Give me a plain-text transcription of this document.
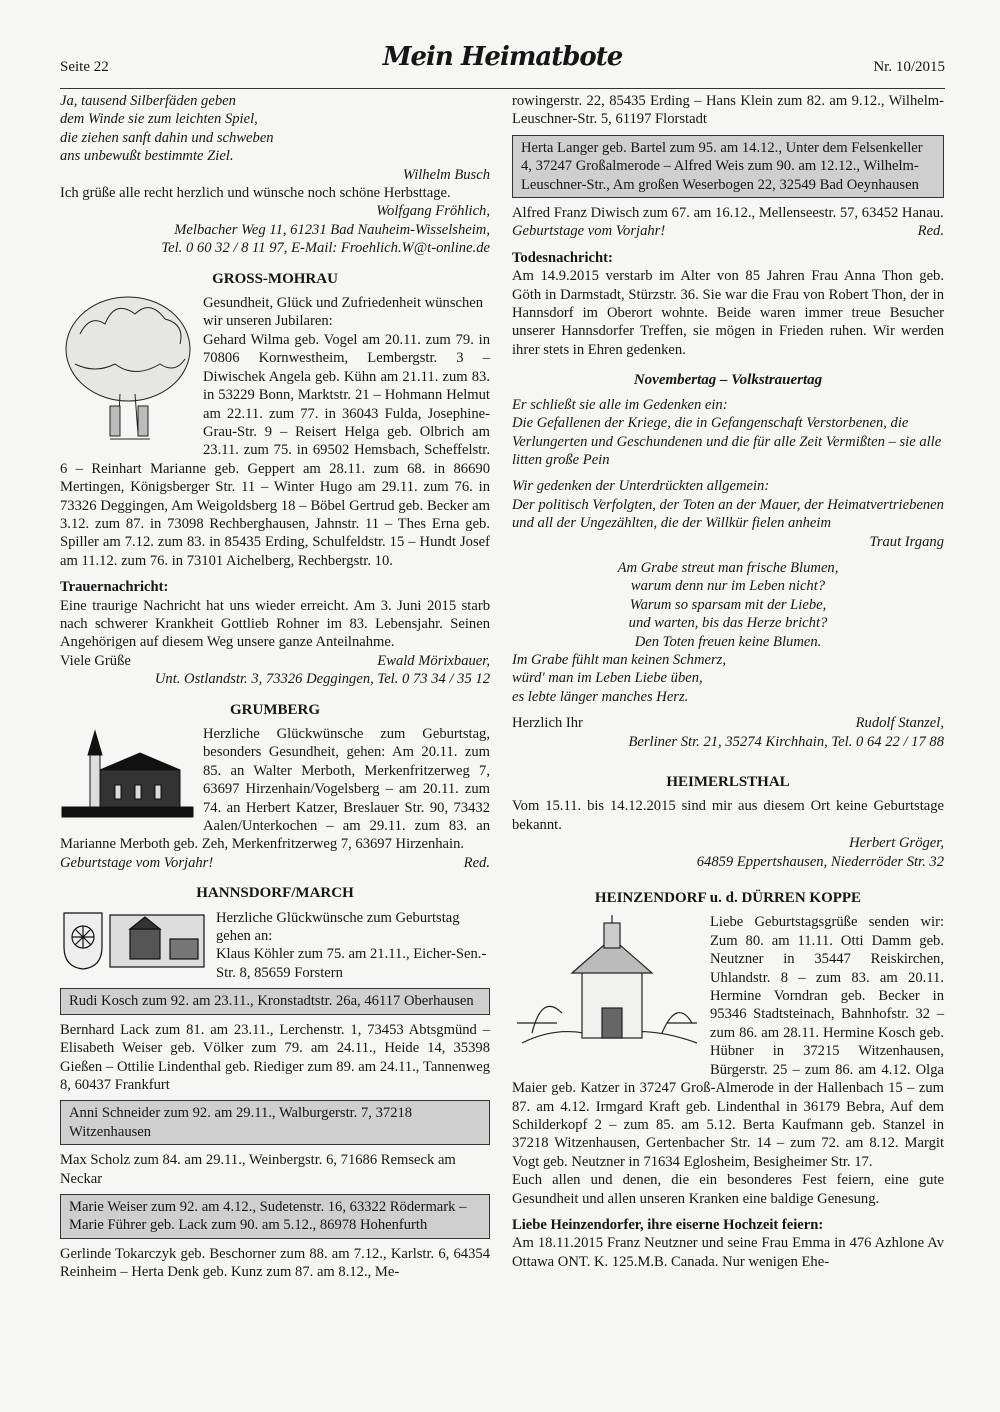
Seite 22	Mein Heimatbote	Nr. 10/2015

Ja, tausend Silberfäden geben

dem Winde sie zum leichten Spiel,

die ziehen sanft dahin und schweben

ans unbewußt bestimmte Ziel.

Wilhelm Busch

Ich grüße alle recht herzlich und wünsche noch schöne Herbsttage.

Wolfgang Fröhlich,

Melbacher Weg 11, 61231 Bad Nauheim-Wisselsheim,

Tel. 0 60 32 / 8 11 97, E-Mail: Froehlich.W@t-online.de

GROSS-MOHRAU

Gesundheit, Glück und Zufriedenheit wünschen wir unseren Jubilaren:

Gehard Wilma geb. Vogel am 20.11. zum 79. in 70806 Kornwestheim, Lembergstr. 3 – Diwischek Angela geb. Kühn am 21.11. zum 83. in 53229 Bonn, Marktstr. 21 – Hohmann Helmut am 22.11. zum 77. in 36043 Fulda, Josephine-Grau-Str. 9 – Reisert Helga geb. Olbrich am 23.11. zum 75. in 69502 Hemsbach, Scheffelstr. 6 – Reinhart Marianne geb. Geppert am 28.11. zum 68. in 86690 Mertingen, Königsberger Str. 11 – Winter Hugo am 29.11. zum 76. in 73326 Deggingen, Am Weigoldsberg 18 – Böbel Gertrud geb. Becker am 3.12. zum 87. in 73098 Rechberghausen, Jahnstr. 11 – Thes Erna geb. Spiller am 7.12. zum 83. in 85435 Erding, Schulfeldstr. 15 – Hundt Josef am 11.12. zum 76. in 73101 Aichelberg, Rechbergstr. 10.

Trauernachricht:

Eine traurige Nachricht hat uns wieder erreicht. Am 3. Juni 2015 starb nach schwerer Krankheit Gottlieb Rohner im 83. Lebensjahr. Seinen Angehörigen auf diesem Weg unsere ganze Anteilnahme.

Viele Grüße	Ewald Mörixbauer,

Unt. Ostlandstr. 3, 73326 Deggingen, Tel. 0 73 34 / 35 12

GRUMBERG

Herzliche Glückwünsche zum Geburtstag, besonders Gesundheit, gehen: Am 20.11. zum 85. an Walter Merboth, Merkenfritzerweg 7, 63697 Hirzenhain/Vogelsberg – am 20.11. zum 74. an Herbert Katzer, Breslauer Str. 90, 73432 Aalen/Unterkochen – am 29.11. zum 83. an Marianne Merboth geb. Zeh, Merkenfritzerweg 7, 63697 Hirzenhain.

Geburtstage vom Vorjahr!	Red.
HANNSDORF/MARCH

Herzliche Glückwünsche zum Geburtstag gehen an:

Klaus Köhler zum 75. am 21.11., Eicher-Sen.-Str. 8, 85659 Forstern

Rudi Kosch zum 92. am 23.11., Kronstadtstr. 26a, 46117 Oberhausen

Bernhard Lack zum 81. am 23.11., Lerchenstr. 1, 73453 Abtsgmünd – Elisabeth Weiser geb. Völker zum 79. am 24.11., Heide 14, 35398 Gießen – Ottilie Lindenthal geb. Riediger zum 89. am 24.11., Tannenweg 8, 60437 Frankfurt

Anni Schneider zum 92. am 29.11., Walburgerstr. 7, 37218 Witzenhausen

Max Scholz zum 84. am 29.11., Weinbergstr. 6, 71686 Remseck am Neckar

Marie Weiser zum 92. am 4.12., Sudetenstr. 16, 63322 Rödermark – Marie Führer geb. Lack zum 90. am 5.12., 86978 Hohenfurth

Gerlinde Tokarczyk geb. Beschorner zum 88. am 7.12., Karlstr. 6, 64354 Reinheim – Herta Denk geb. Kunz zum 87. am 8.12., Me-

rowingerstr. 22, 85435 Erding – Hans Klein zum 82. am 9.12., Wilhelm-Leuschner-Str. 5, 61197 Florstadt

Herta Langer geb. Bartel zum 95. am 14.12., Unter dem Felsenkeller 4, 37247 Großalmerode – Alfred Weis zum 90. am 12.12., Wilhelm-Leuschner-Str., Am großen Weserbogen 22, 32549 Bad Oeynhausen

Alfred Franz Diwisch zum 67. am 16.12., Mellenseestr. 57, 63452 Hanau.

Geburtstage vom Vorjahr!	Red.

Todesnachricht:

Am 14.9.2015 verstarb im Alter von 85 Jahren Frau Anna Thon geb. Göth in Darmstadt, Stürzstr. 36. Sie war die Frau von Robert Thon, der in Hannsdorf im Oberort wohnte. Beide waren immer treue Besucher unserer Hannsdorfer Treffen, sie mögen in Frieden ruhen. Wir werden ihrer stets in Ehren gedenken.

Novembertag – Volkstrauertag

Er schließt sie alle im Gedenken ein:

Die Gefallenen der Kriege, die in Gefangenschaft Verstorbenen, die Verlungerten und Geschundenen und die für alle Zeit Vermißten – sie alle litten große Pein

Wir gedenken der Unterdrückten allgemein:

Der politisch Verfolgten, der Toten an der Mauer, der Heimatvertriebenen

und all der Ungezählten, die der Willkür fielen anheim

Traut Irgang

Am Grabe streut man frische Blumen,

warum denn nur im Leben nicht?

Warum so sparsam mit der Liebe,

und warten, bis das Herze bricht?

Den Toten freuen keine Blumen.

Im Grabe fühlt man keinen Schmerz,

würd' man im Leben Liebe üben,

es lebte länger manches Herz.

Herzlich Ihr	Rudolf Stanzel,

Berliner Str. 21, 35274 Kirchhain, Tel. 0 64 22 / 17 88

HEIMERLSTHAL

Vom 15.11. bis 14.12.2015 sind mir aus diesem Ort keine Geburtstage bekannt.

Herbert Gröger,

64859 Eppertshausen, Niederröder Str. 32

HEINZENDORF u. d. DÜRREN KOPPE

Liebe Geburtstagsgrüße senden wir: Zum 80. am 11.11. Otti Damm geb. Neutzner in 35447 Reiskirchen, Uhlandstr. 8 – zum 83. am 20.11. Hermine Vorndran geb. Becker in 95346 Stadtsteinach, Bahnhofstr. 32 – zum 86. am 28.11. Hermine Kosch geb. Hübner in 37215 Witzenhausen, Bürgerstr. 25 – zum 86. am 4.12. Olga Maier geb. Katzer in 37247 Groß-Almerode in der Hallenbach 15 – zum 87. am 4.12. Irmgard Kraft geb. Lindenthal in 36179 Bebra, Auf dem Schilderkopf 2 – zum 85. am 5.12. Berta Kaufmann geb. Stanzel in 37218 Witzenhausen, Gertenbacher Str. 14 – zum 72. am 8.12. Margit Vogt geb. Neutzner in 71634 Eglosheim, Besigheimer Str. 17.

Euch allen und denen, die ein besonderes Fest feiern, eine gute Gesundheit und allen unseren Kranken eine baldige Genesung.

Liebe Heinzendorfer, ihre eiserne Hochzeit feiern:

Am 18.11.2015 Franz Neutzner und seine Frau Emma in 476 Azhlone Av Ottawa ONT. K. 125.M.B. Canada. Nur wenigen Ehe-
